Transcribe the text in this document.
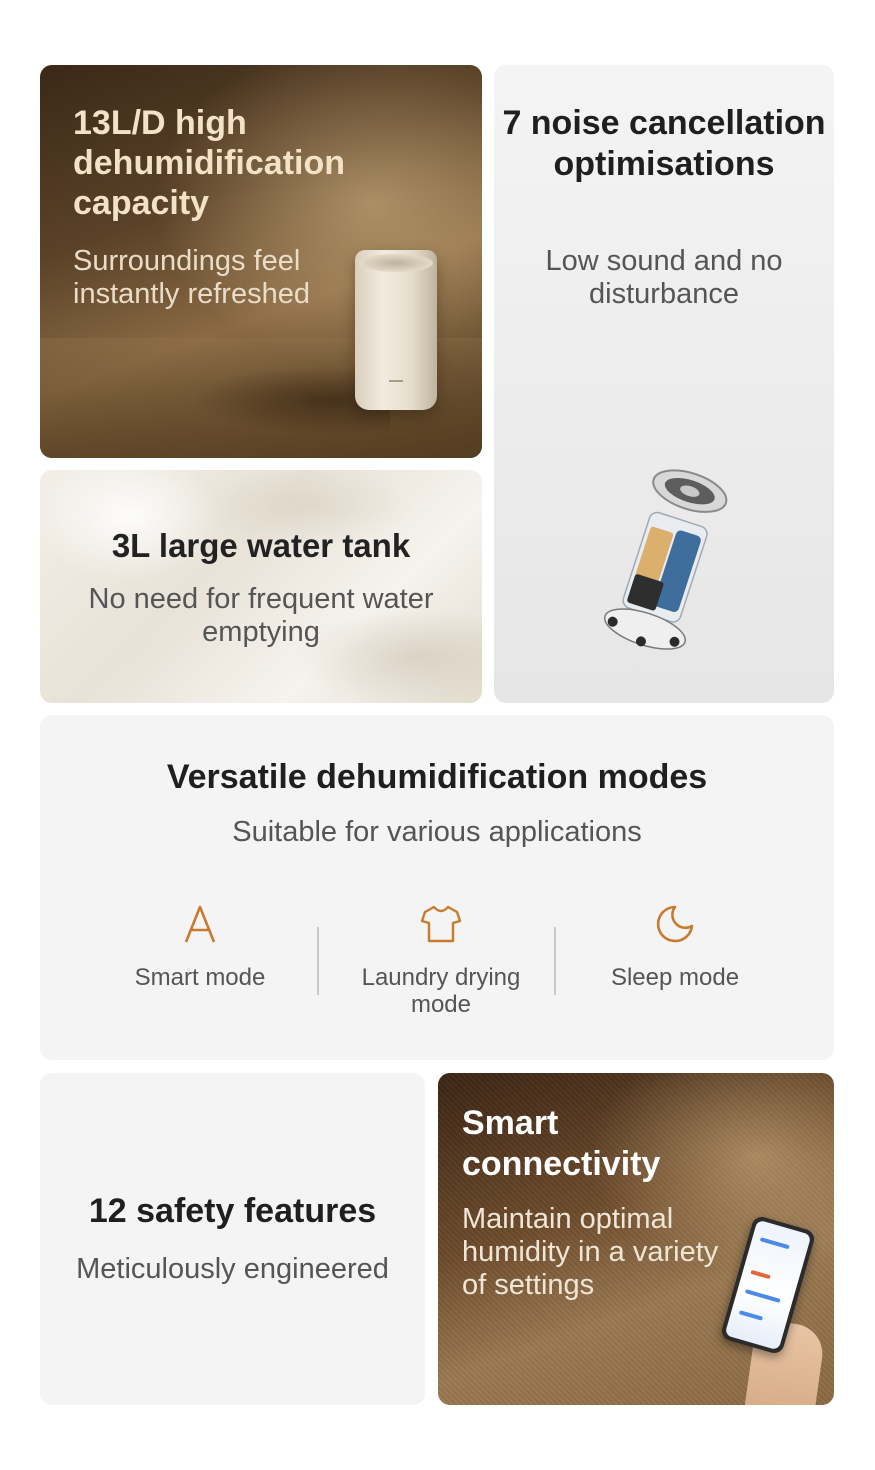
13L/D high dehumidification capacity
Surroundings feel instantly refreshed
7 noise cancellation optimisations
Low sound and no disturbance
3L large water tank
No need for frequent water emptying
Versatile dehumidification modes
Suitable for various applications
Smart mode	Laundry drying mode
Sleep mode
12 safety features
Meticulously engineered
Smart connectivity
Maintain optimal humidity in a variety of settings
